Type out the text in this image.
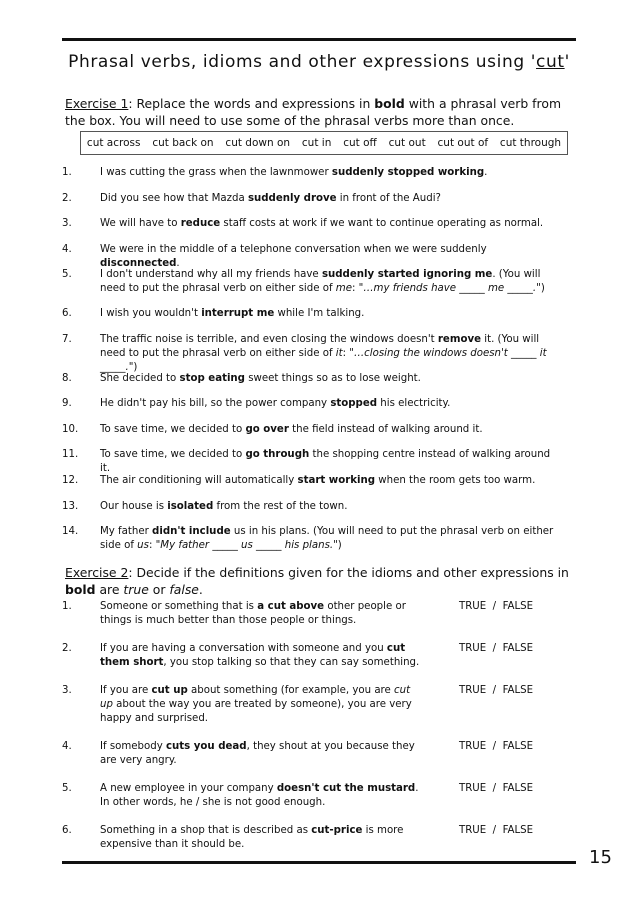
Phrasal verbs, idioms and other expressions using 'cut'
Exercise 1: Replace the words and expressions in bold with a phrasal verb from the box. You will need to use some of the phrasal verbs more than once.
cut across cut back on cut down on cut in cut off cut out cut out of cut through
1.	I was cutting the grass when the lawnmower suddenly stopped working.
2.	Did you see how that Mazda suddenly drove in front of the Audi?
3.	We will have to reduce staff costs at work if we want to continue operating as normal.
4.	We were in the middle of a telephone conversation when we were suddenly disconnected.
5.	I don't understand why all my friends have suddenly started ignoring me. (You will need to put the phrasal verb on either side of me: "…my friends have _____ me _____.")
6.	I wish you wouldn't interrupt me while I'm talking.
7.	The traffic noise is terrible, and even closing the windows doesn't remove it. (You will need to put the phrasal verb on either side of it: "…closing the windows doesn't _____ it _____.")
8.	She decided to stop eating sweet things so as to lose weight.
9.	He didn't pay his bill, so the power company stopped his electricity.
10. To save time, we decided to go over the field instead of walking around it.
11. To save time, we decided to go through the shopping centre instead of walking around it.
12. The air conditioning will automatically start working when the room gets too warm.
13. Our house is isolated from the rest of the town.
14. My father didn't include us in his plans. (You will need to put the phrasal verb on either side of us: "My father _____ us _____ his plans.")
Exercise 2: Decide if the definitions given for the idioms and other expressions in bold are true or false.
1.	Someone or something that is a cut above other people or things is much better than those people or things.
TRUE  /  FALSE
2.	If you are having a conversation with someone and you cut them short, you stop talking so that they can say something.
TRUE  /  FALSE
3.	If you are cut up about something (for example, you are cut up about the way you are treated by someone), you are very happy and surprised.
TRUE  /  FALSE
4.	If somebody cuts you dead, they shout at you because they are very angry.
TRUE  /  FALSE
5.	A new employee in your company doesn't cut the mustard. In other words, he / she is not good enough.
TRUE  /  FALSE
6.	Something in a shop that is described as cut-price is more expensive than it should be.
TRUE  /  FALSE
15
